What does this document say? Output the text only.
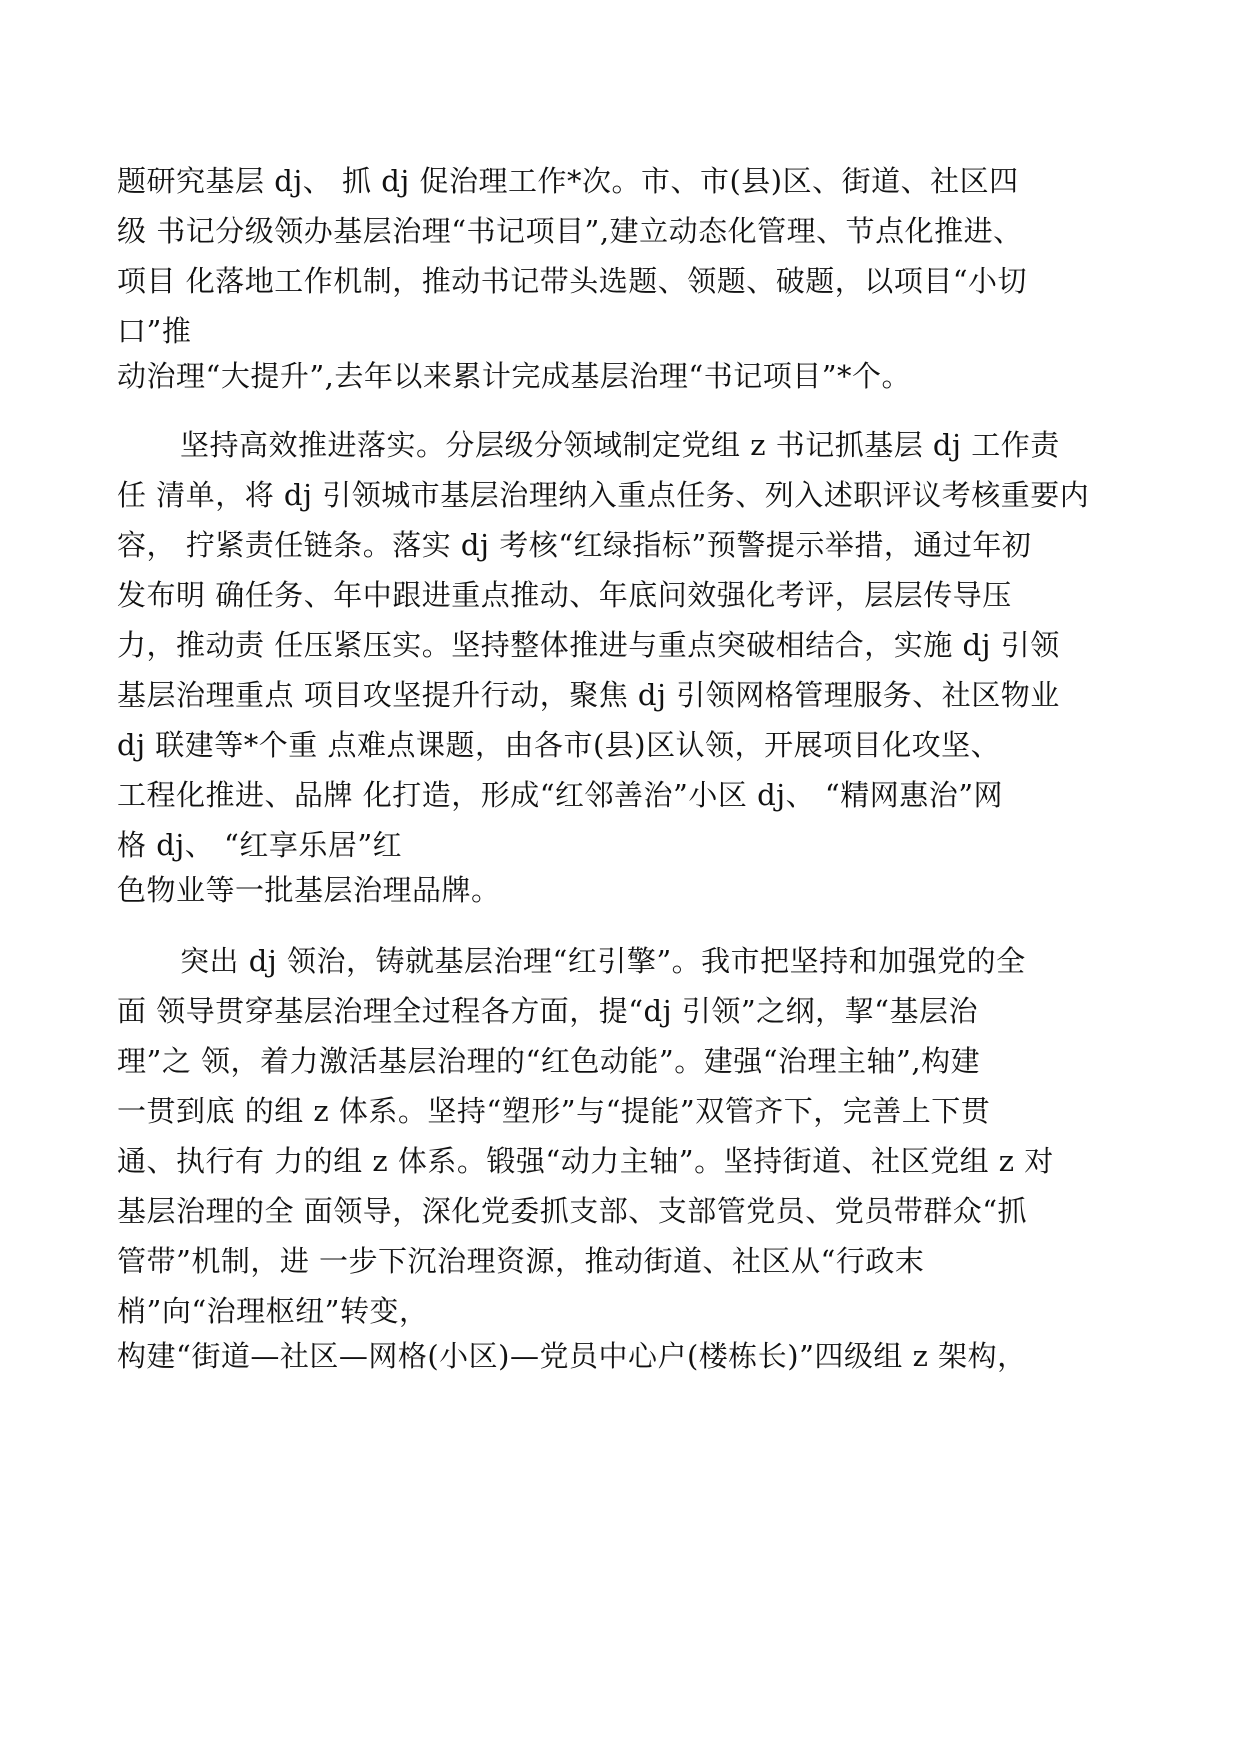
题研究基层 dj、 抓 dj 促治理工作*次。市、市(县)区、街道、社区四
级 书记分级领办基层治理“书记项目”,建立动态化管理、节点化推进、
项目 化落地工作机制，推动书记带头选题、领题、破题，以项目“小切
口”推
动治理“大提升”,去年以来累计完成基层治理“书记项目”*个。
坚持高效推进落实。分层级分领域制定党组 z 书记抓基层 dj 工作责
任 清单，将 dj 引领城市基层治理纳入重点任务、列入述职评议考核重要内
容， 拧紧责任链条。落实 dj 考核“红绿指标”预警提示举措，通过年初
发布明 确任务、年中跟进重点推动、年底问效强化考评，层层传导压
力，推动责 任压紧压实。坚持整体推进与重点突破相结合，实施 dj 引领
基层治理重点 项目攻坚提升行动，聚焦 dj 引领网格管理服务、社区物业
dj 联建等*个重 点难点课题，由各市(县)区认领，开展项目化攻坚、
工程化推进、品牌 化打造，形成“红邻善治”小区 dj、 “精网惠治”网
格 dj、 “红享乐居”红
色物业等一批基层治理品牌。
突出 dj 领治，铸就基层治理“红引擎”。我市把坚持和加强党的全
面 领导贯穿基层治理全过程各方面，提“dj 引领”之纲，挈“基层治
理”之 领，着力激活基层治理的“红色动能”。建强“治理主轴”,构建
一贯到底 的组 z 体系。坚持“塑形”与“提能”双管齐下，完善上下贯
通、执行有 力的组 z 体系。锻强“动力主轴”。坚持街道、社区党组 z 对
基层治理的全 面领导，深化党委抓支部、支部管党员、党员带群众“抓
管带”机制，进 一步下沉治理资源，推动街道、社区从“行政末
梢”向“治理枢纽”转变，
构建“街道—社区—网格(小区)—党员中心户(楼栋长)”四级组 z 架构，
